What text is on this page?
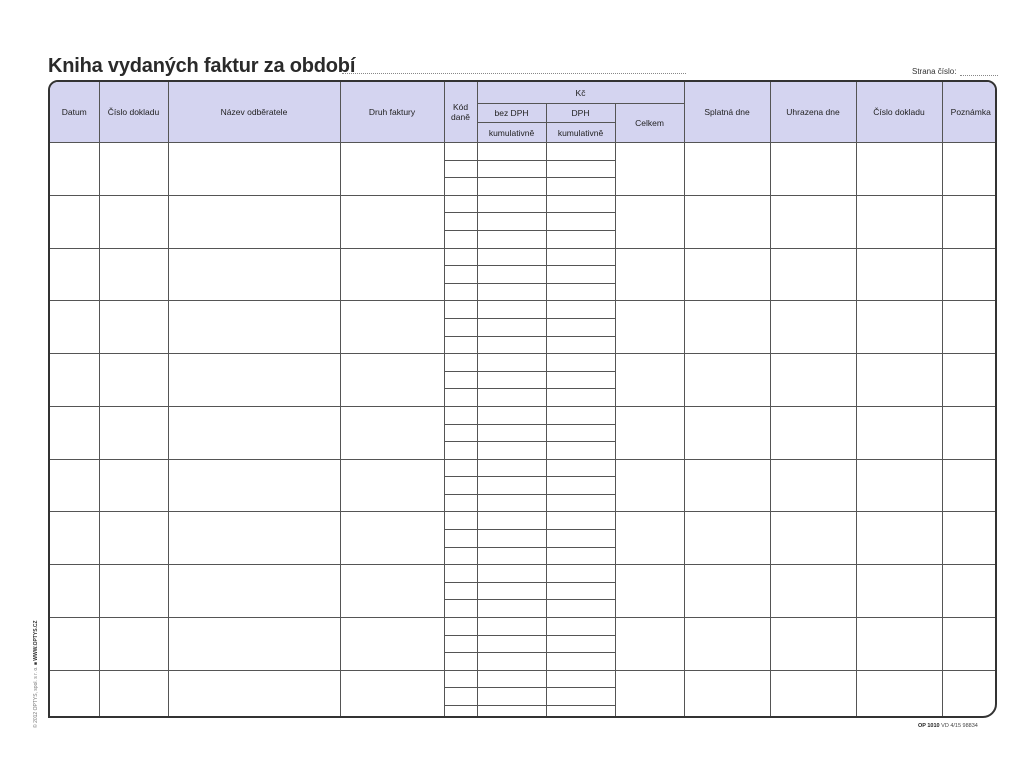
Kniha vydaných faktur za období	Strana číslo:
Datum	Číslo dokladu	Název odběratele	Druh faktury	Kód daně	Kč			Splatná dne	Uhrazena dne	Číslo dokladu	Poznámka
					bez DPH	DPH	Celkem				
					kumulativně	kumulativně					

© 2012 OPTYS, spol. s r. o. ■ WWW.OPTYS.CZ
OP 1010 VD 4/15 98834
